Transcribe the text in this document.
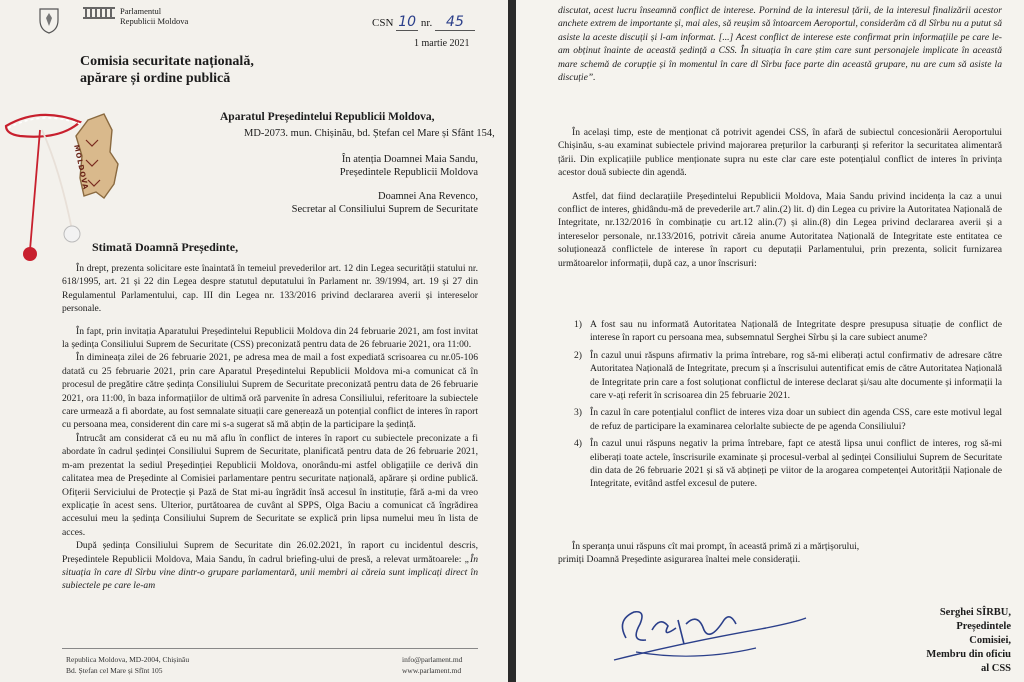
Parlamentul
Republicii Moldova	CSN 10 nr. 45
1 martie 2021
Comisia securitate națională,
apărare și ordine publică
Aparatul Președintelui Republicii Moldova,
MD-2073. mun. Chișinău, bd. Ștefan cel Mare și Sfânt 154,
În atenția Doamnei Maia Sandu,
Președintele Republicii Moldova
Doamnei Ana Revenco,
Secretar al Consiliului Suprem de Securitate
MOLDOVA
Stimată Doamnă Președinte,

În drept, prezenta solicitare este înaintată în temeiul prevederilor art. 12 din Legea securității statului nr. 618/1995, art. 21 și 22 din Legea despre statutul deputatului în Parlament nr. 39/1994, art. 19 și 27 din Regulamentul Parlamentului, cap. III din Legea nr. 133/2016 privind declararea averii și intereselor personale.

În fapt, prin invitația Aparatului Președintelui Republicii Moldova din 24 februarie 2021, am fost invitat la ședința Consiliului Suprem de Securitate (CSS) preconizată pentru data de 26 februarie 2021, ora 11:00.

În dimineața zilei de 26 februarie 2021, pe adresa mea de mail a fost expediată scrisoarea cu nr.05-106 datată cu 25 februarie 2021, prin care Aparatul Președintelui Republicii Moldova mi-a comunicat că în procesul de pregătire către ședința Consiliului Suprem de Securitate preconizată pentru data de 26 februarie 2021, ora 11:00, în baza informațiilor de ultimă oră parvenite în adresa Consiliului, referitoare la subiectele care urmează a fi abordate, au fost semnalate situații care generează un potențial conflict de interes în raport cu persoana mea, considerent din care mi s-a sugerat să mă abțin de la participare la ședință.

Întrucât am considerat că eu nu mă aflu în conflict de interes în raport cu subiectele preconizate a fi abordate în cadrul ședinței Consiliului Suprem de Securitate, planificată pentru data de 26 februarie 2021, m-am prezentat la sediul Președinției Republicii Moldova, onorându-mi astfel obligațiile ce derivă din calitatea mea de Președinte al Comisiei parlamentare pentru securitate națională, apărare și ordine publică. Ofițerii Serviciului de Protecție și Pază de Stat mi-au îngrădit însă accesul în instituție, fără a-mi da vreo explicație în acest sens. Ulterior, purtătoarea de cuvânt al SPPS, Olga Baciu a comunicat că îngrădirea accesului meu la ședința Consiliului Suprem de Securitate se explică prin lipsa numelui meu în lista de acces.

După ședința Consiliului Suprem de Securitate din 26.02.2021, în raport cu incidentul descris, Președintele Republicii Moldova, Maia Sandu, în cadrul briefing-ului de presă, a relevat următoarele: „În situația în care dl Sîrbu vine dintr-o grupare parlamentară, unii membri ai căreia sunt implicați direct în subiectele pe care le-am

Republica Moldova, MD-2004, Chișinău
Bd. Ștefan cel Mare și Sfînt 105
info@parlament.md
www.parlament.md

discutat, acest lucru înseamnă conflict de interese. Pornind de la interesul țării, de la interesul finalizării acestor anchete extrem de importante și, mai ales, să reușim să întoarcem Aeroportul, considerăm că dl Sîrbu nu a putut să asiste la aceste discuții și l-am informat. [...] Acest conflict de interese este confirmat prin informațiile pe care le-am obținut înainte de această ședință a CSS. În situația în care știm care sunt personajele implicate în această mare schemă de corupție și în momentul în care dl Sîrbu face parte din această grupare, nu are cum să asiste la discuție”.

În același timp, este de menționat că potrivit agendei CSS, în afară de subiectul concesionării Aeroportului Chișinău, s-au examinat subiectele privind majorarea prețurilor la carburanți și referitor la securitatea alimentară țării. Din explicațiile publice menționate supra nu este clar care este potențialul conflict de interes în privința acestor două subiecte din agendă.

Astfel, dat fiind declarațiile Președintelui Republicii Moldova, Maia Sandu privind incidența la caz a unui conflict de interes, ghidându-mă de prevederile art.7 alin.(2) lit. d) din Legea cu privire la Autoritatea Națională de Integritate, nr.132/2016 în combinație cu art.12 alin.(7) și alin.(8) din Legea privind declararea averii și a intereselor personale, nr.133/2016, potrivit căreia anume Autoritatea Națională de Integritate este entitatea ce soluționează conflictele de interese în raport cu deputații Parlamentului, prin prezenta, solicit furnizarea următoarelor informații, după caz, a unor înscrisuri:

1) A fost sau nu informată Autoritatea Națională de Integritate despre presupusa situație de conflict de interese în raport cu persoana mea, subsemnatul Serghei Sîrbu și la care subiect anume?
2) În cazul unui răspuns afirmativ la prima întrebare, rog să-mi eliberați actul confirmativ de adresare către Autoritatea Națională de Integritate, precum și a înscrisului autentificat emis de către Autoritatea Națională de Integritate prin care a fost soluționat conflictul de interese declarat și/sau alte documente și informații la care v-ați referit în scrisoarea din 25 februarie 2021.
3) În cazul în care potențialul conflict de interes viza doar un subiect din agenda CSS, care este motivul legal de refuz de participare la examinarea celorlalte subiecte de pe agenda Consiliului?
4) În cazul unui răspuns negativ la prima întrebare, fapt ce atestă lipsa unui conflict de interes, rog să-mi eliberați toate actele, înscrisurile examinate și procesul-verbal al ședinței Consiliului Suprem de Securitate din data de 26 februarie 2021 și să vă abțineți pe viitor de la arogarea competenței Autorității Naționale de Integritate, evitând astfel excesul de putere.

În speranța unui răspuns cît mai prompt, în această primă zi a mărțișorului,

primiți Doamnă Președinte asigurarea înaltei mele considerații.

Serghei SÎRBU,
Președintele Comisiei,
Membru din oficiu al CSS
